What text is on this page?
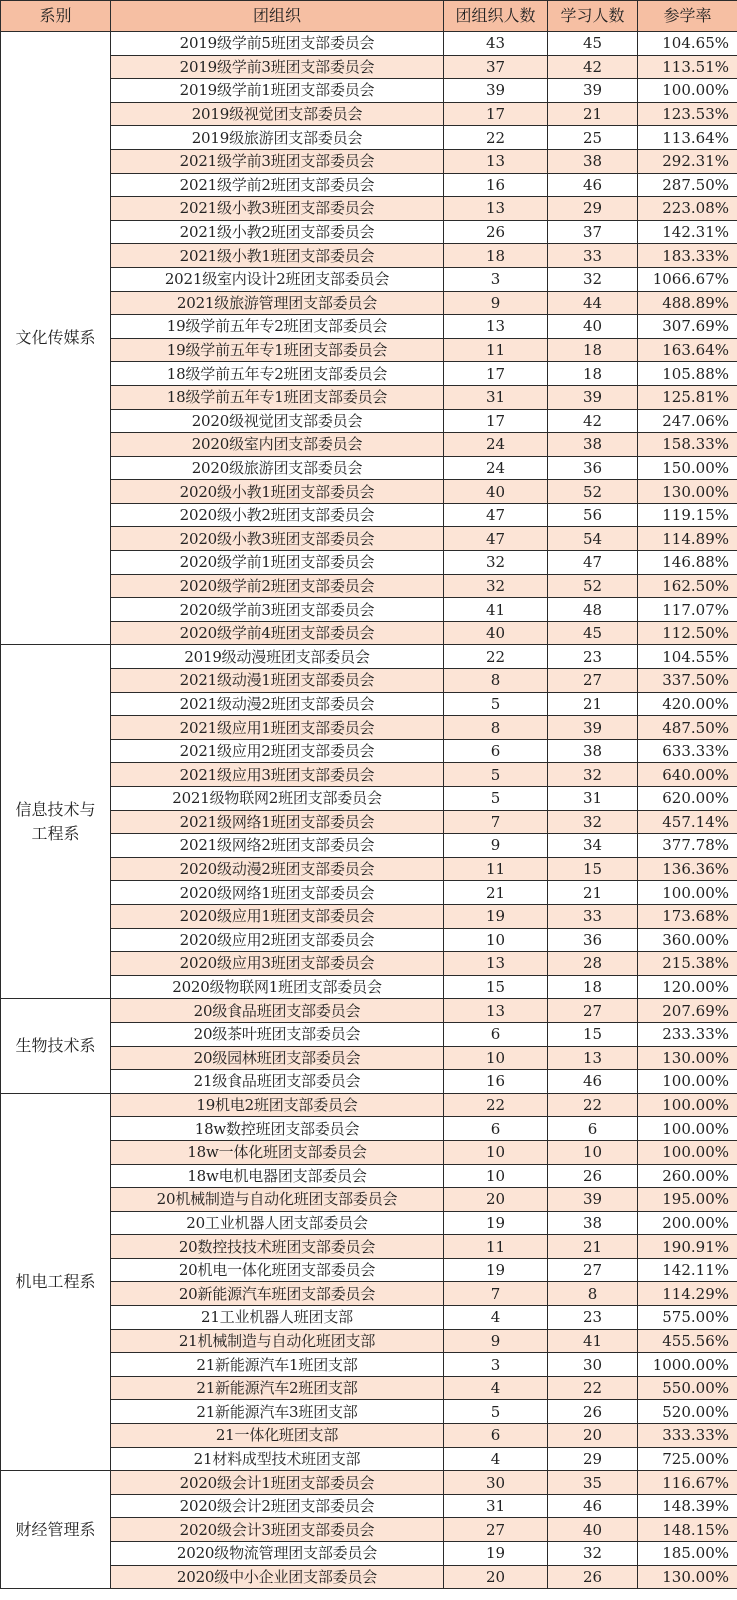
系别	团组织	团组织人数	学习人数	参学率
文化传媒系	2019级学前5班团支部委员会	43	45	104.65%
	2019级学前3班团支部委员会	37	42	113.51%
	2019级学前1班团支部委员会	39	39	100.00%
	2019级视觉团支部委员会	17	21	123.53%
	2019级旅游团支部委员会	22	25	113.64%
	2021级学前3班团支部委员会	13	38	292.31%
	2021级学前2班团支部委员会	16	46	287.50%
	2021级小教3班团支部委员会	13	29	223.08%
	2021级小教2班团支部委员会	26	37	142.31%
	2021级小教1班团支部委员会	18	33	183.33%
	2021级室内设计2班团支部委员会	3	32	1066.67%
	2021级旅游管理团支部委员会	9	44	488.89%
	19级学前五年专2班团支部委员会	13	40	307.69%
	19级学前五年专1班团支部委员会	11	18	163.64%
	18级学前五年专2班团支部委员会	17	18	105.88%
	18级学前五年专1班团支部委员会	31	39	125.81%
	2020级视觉团支部委员会	17	42	247.06%
	2020级室内团支部委员会	24	38	158.33%
	2020级旅游团支部委员会	24	36	150.00%
	2020级小教1班团支部委员会	40	52	130.00%
	2020级小教2班团支部委员会	47	56	119.15%
	2020级小教3班团支部委员会	47	54	114.89%
	2020级学前1班团支部委员会	32	47	146.88%
	2020级学前2班团支部委员会	32	52	162.50%
	2020级学前3班团支部委员会	41	48	117.07%
	2020级学前4班团支部委员会	40	45	112.50%
信息技术与工程系	2019级动漫班团支部委员会	22	23	104.55%
	2021级动漫1班团支部委员会	8	27	337.50%
	2021级动漫2班团支部委员会	5	21	420.00%
	2021级应用1班团支部委员会	8	39	487.50%
	2021级应用2班团支部委员会	6	38	633.33%
	2021级应用3班团支部委员会	5	32	640.00%
	2021级物联网2班团支部委员会	5	31	620.00%
	2021级网络1班团支部委员会	7	32	457.14%
	2021级网络2班团支部委员会	9	34	377.78%
	2020级动漫2班团支部委员会	11	15	136.36%
	2020级网络1班团支部委员会	21	21	100.00%
	2020级应用1班团支部委员会	19	33	173.68%
	2020级应用2班团支部委员会	10	36	360.00%
	2020级应用3班团支部委员会	13	28	215.38%
	2020级物联网1班团支部委员会	15	18	120.00%
生物技术系	20级食品班团支部委员会	13	27	207.69%
	20级茶叶班团支部委员会	6	15	233.33%
	20级园林班团支部委员会	10	13	130.00%
	21级食品班团支部委员会	16	46	100.00%
机电工程系	19机电2班团支部委员会	22	22	100.00%
	18w数控班团支部委员会	6	6	100.00%
	18w一体化班团支部委员会	10	10	100.00%
	18w电机电器团支部委员会	10	26	260.00%
	20机械制造与自动化班团支部委员会	20	39	195.00%
	20工业机器人团支部委员会	19	38	200.00%
	20数控技技术班团支部委员会	11	21	190.91%
	20机电一体化班团支部委员会	19	27	142.11%
	20新能源汽车班团支部委员会	7	8	114.29%
	21工业机器人班团支部	4	23	575.00%
	21机械制造与自动化班团支部	9	41	455.56%
	21新能源汽车1班团支部	3	30	1000.00%
	21新能源汽车2班团支部	4	22	550.00%
	21新能源汽车3班团支部	5	26	520.00%
	21一体化班团支部	6	20	333.33%
	21材料成型技术班团支部	4	29	725.00%
财经管理系	2020级会计1班团支部委员会	30	35	116.67%
	2020级会计2班团支部委员会	31	46	148.39%
	2020级会计3班团支部委员会	27	40	148.15%
	2020级物流管理团支部委员会	19	32	185.00%
	2020级中小企业团支部委员会	20	26	130.00%
